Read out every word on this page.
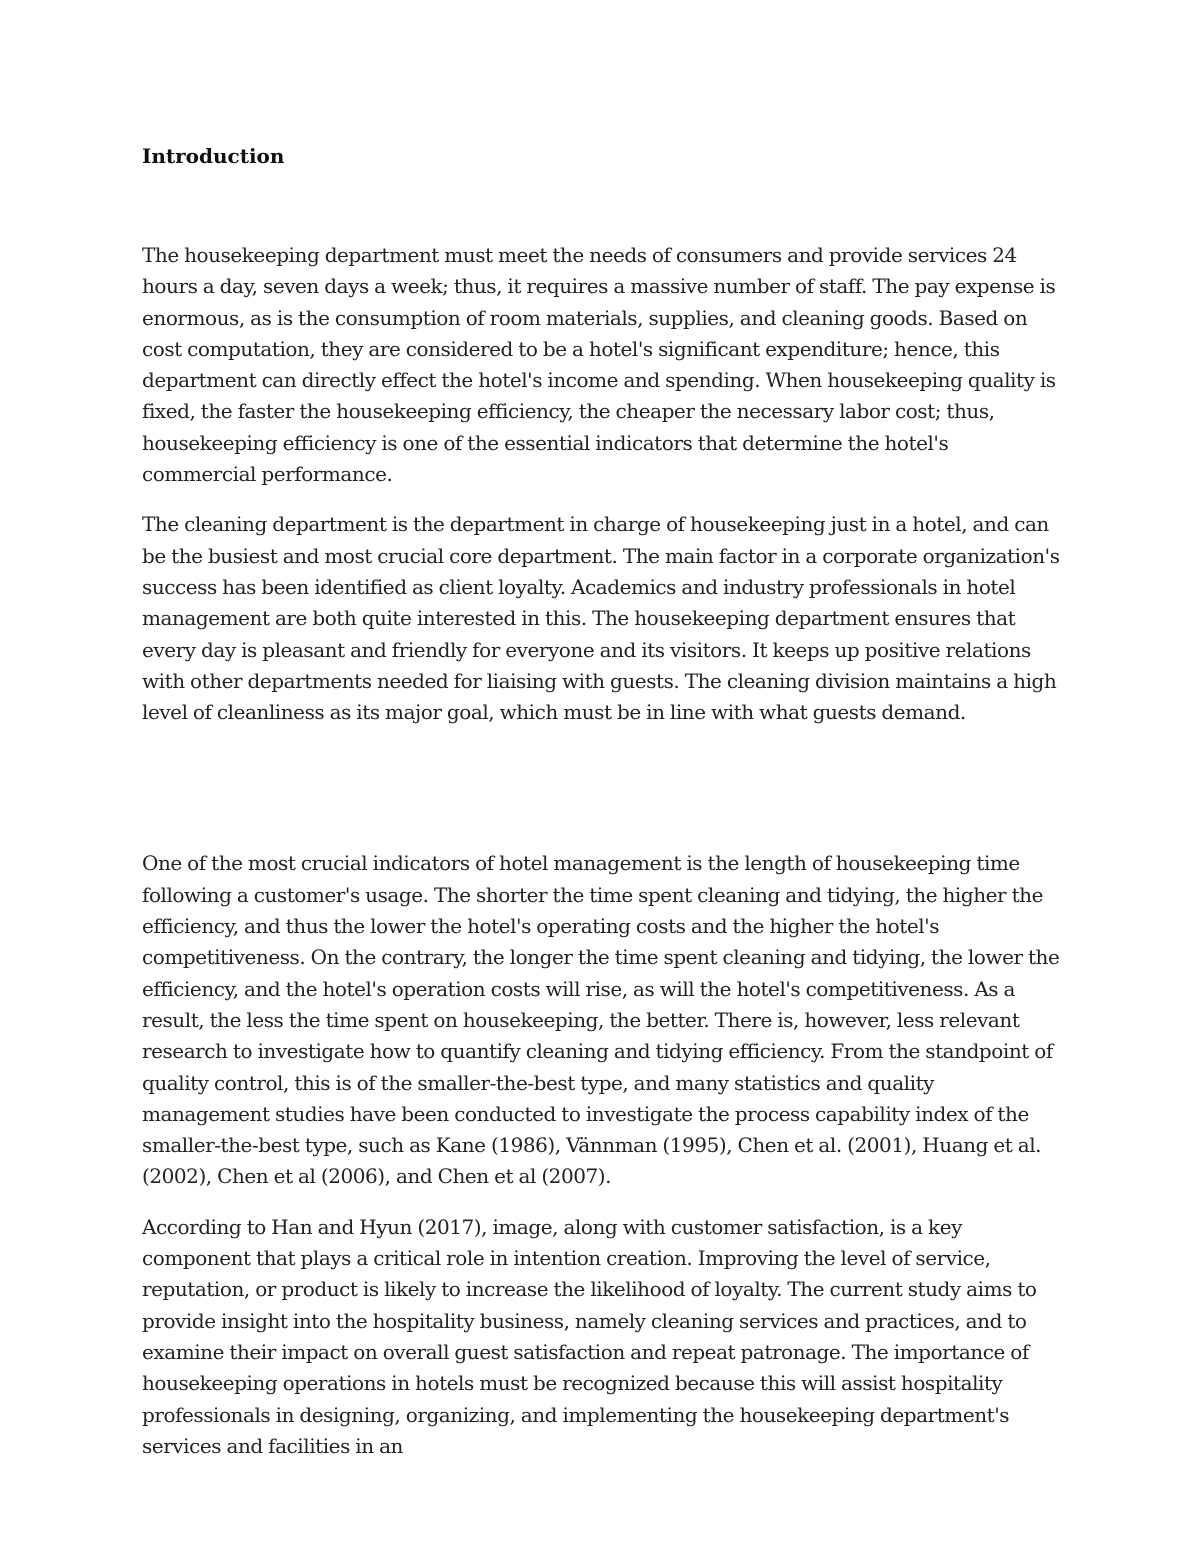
Introduction

The housekeeping department must meet the needs of consumers and provide services 24 hours a day, seven days a week; thus, it requires a massive number of staff. The pay expense is enormous, as is the consumption of room materials, supplies, and cleaning goods. Based on cost computation, they are considered to be a hotel's significant expenditure; hence, this department can directly effect the hotel's income and spending. When housekeeping quality is fixed, the faster the housekeeping efficiency, the cheaper the necessary labor cost; thus, housekeeping efficiency is one of the essential indicators that determine the hotel's commercial performance.

The cleaning department is the department in charge of housekeeping just in a hotel, and can be the busiest and most crucial core department. The main factor in a corporate organization's success has been identified as client loyalty. Academics and industry professionals in hotel management are both quite interested in this. The housekeeping department ensures that every day is pleasant and friendly for everyone and its visitors. It keeps up positive relations with other departments needed for liaising with guests. The cleaning division maintains a high level of cleanliness as its major goal, which must be in line with what guests demand.

One of the most crucial indicators of hotel management is the length of housekeeping time following a customer's usage. The shorter the time spent cleaning and tidying, the higher the efficiency, and thus the lower the hotel's operating costs and the higher the hotel's competitiveness. On the contrary, the longer the time spent cleaning and tidying, the lower the efficiency, and the hotel's operation costs will rise, as will the hotel's competitiveness. As a result, the less the time spent on housekeeping, the better. There is, however, less relevant research to investigate how to quantify cleaning and tidying efficiency. From the standpoint of quality control, this is of the smaller-the-best type, and many statistics and quality management studies have been conducted to investigate the process capability index of the smaller-the-best type, such as Kane (1986), Vännman (1995), Chen et al. (2001), Huang et al. (2002), Chen et al (2006), and Chen et al (2007).

According to Han and Hyun (2017), image, along with customer satisfaction, is a key component that plays a critical role in intention creation. Improving the level of service, reputation, or product is likely to increase the likelihood of loyalty. The current study aims to provide insight into the hospitality business, namely cleaning services and practices, and to examine their impact on overall guest satisfaction and repeat patronage. The importance of housekeeping operations in hotels must be recognized because this will assist hospitality professionals in designing, organizing, and implementing the housekeeping department's services and facilities in an
